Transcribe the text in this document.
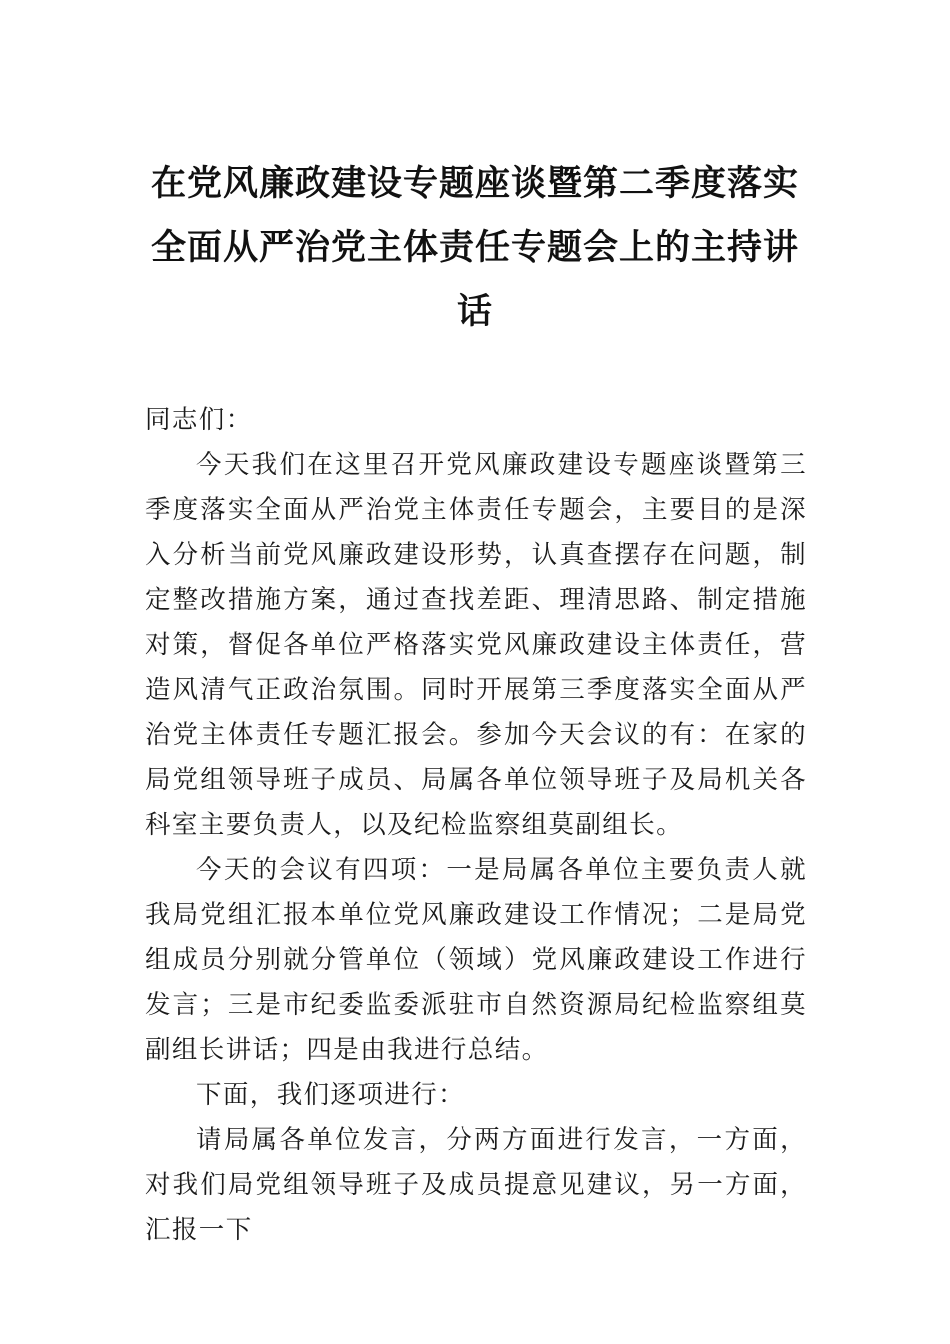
在党风廉政建设专题座谈暨第二季度落实全面从严治党主体责任专题会上的主持讲话

同志们：

今天我们在这里召开党风廉政建设专题座谈暨第三季度落实全面从严治党主体责任专题会，主要目的是深入分析当前党风廉政建设形势，认真查摆存在问题，制定整改措施方案，通过查找差距、理清思路、制定措施对策，督促各单位严格落实党风廉政建设主体责任，营造风清气正政治氛围。同时开展第三季度落实全面从严治党主体责任专题汇报会。参加今天会议的有：在家的局党组领导班子成员、局属各单位领导班子及局机关各科室主要负责人，以及纪检监察组莫副组长。

今天的会议有四项：一是局属各单位主要负责人就我局党组汇报本单位党风廉政建设工作情况；二是局党组成员分别就分管单位（领域）党风廉政建设工作进行发言；三是市纪委监委派驻市自然资源局纪检监察组莫副组长讲话；四是由我进行总结。

下面，我们逐项进行：

请局属各单位发言，分两方面进行发言，一方面，对我们局党组领导班子及成员提意见建议，另一方面，汇报一下
